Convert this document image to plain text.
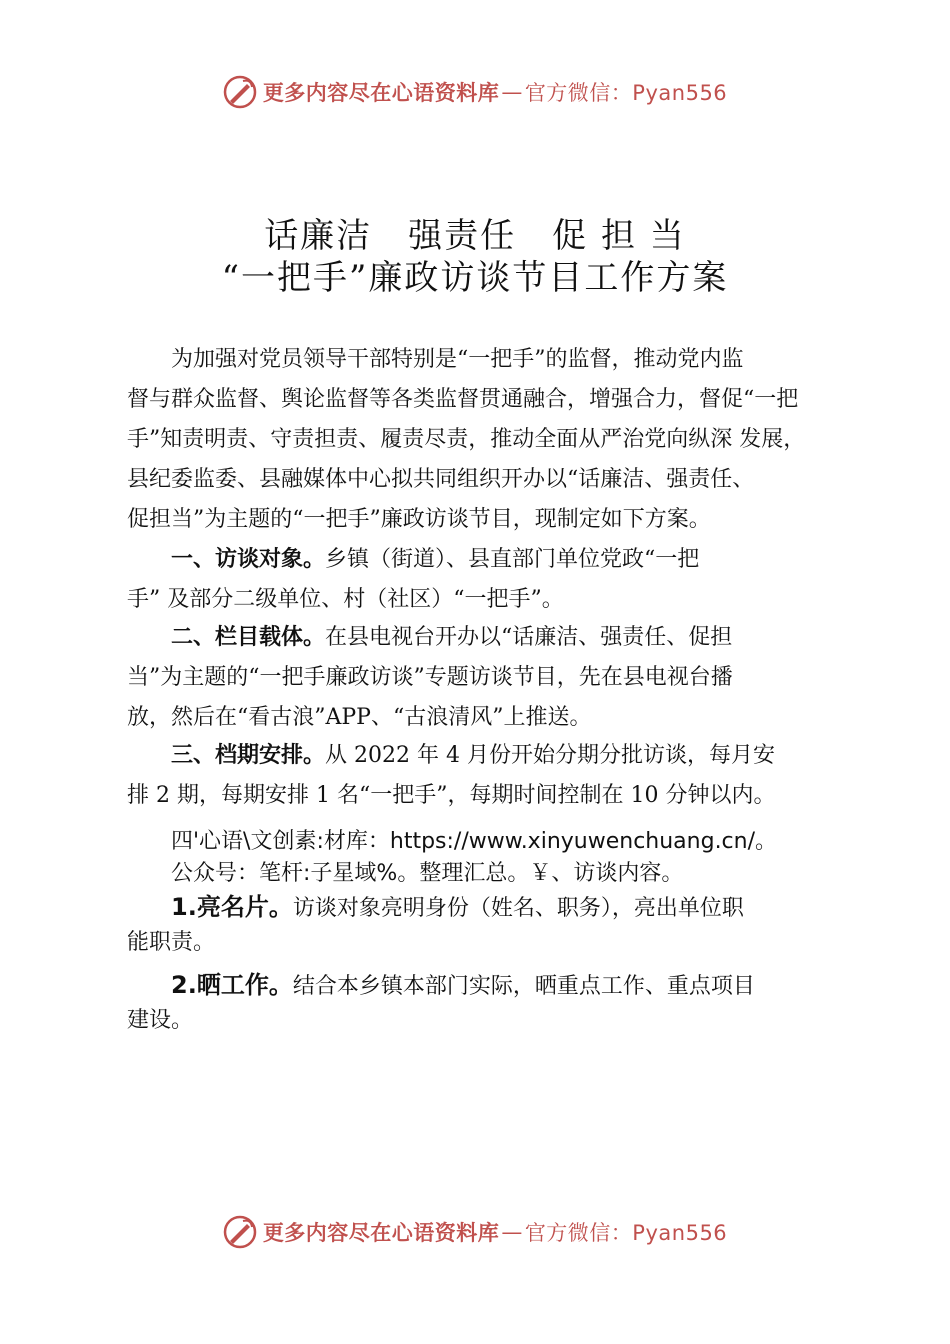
更多内容尽在心语资料库 — 官方微信：Pyan556
话廉洁　强责任　促 担 当
“一把手”廉政访谈节目工作方案
为加强对党员领导干部特别是“一把手”的监督，推动党内监
督与群众监督、舆论监督等各类监督贯通融合，增强合力，督促“一把
手”知责明责、守责担责、履责尽责，推动全面从严治党向纵深 发展，
县纪委监委、县融媒体中心拟共同组织开办以“话廉洁、强责任、
促担当”为主题的“一把手”廉政访谈节目，现制定如下方案。
一、访谈对象。乡镇（街道）、县直部门单位党政“一把
手” 及部分二级单位、村（社区）“一把手”。
二、栏目载体。在县电视台开办以“话廉洁、强责任、促担
当”为主题的“一把手廉政访谈”专题访谈节目，先在县电视台播
放，然后在“看古浪”APP、“古浪清风”上推送。
三、档期安排。从 2022 年 4 月份开始分期分批访谈，每月安
排 2 期，每期安排 1 名“一把手”，每期时间控制在 10 分钟以内。
四'心语\文创素:材库：https://www.xinyuwenchuang.cn/。
公众号：笔杆:子星域%。整理汇总。￥、访谈内容。
1.亮名片。访谈对象亮明身份（姓名、职务），亮出单位职
能职责。
2.晒工作。结合本乡镇本部门实际，晒重点工作、重点项目
建设。
更多内容尽在心语资料库 — 官方微信：Pyan556
